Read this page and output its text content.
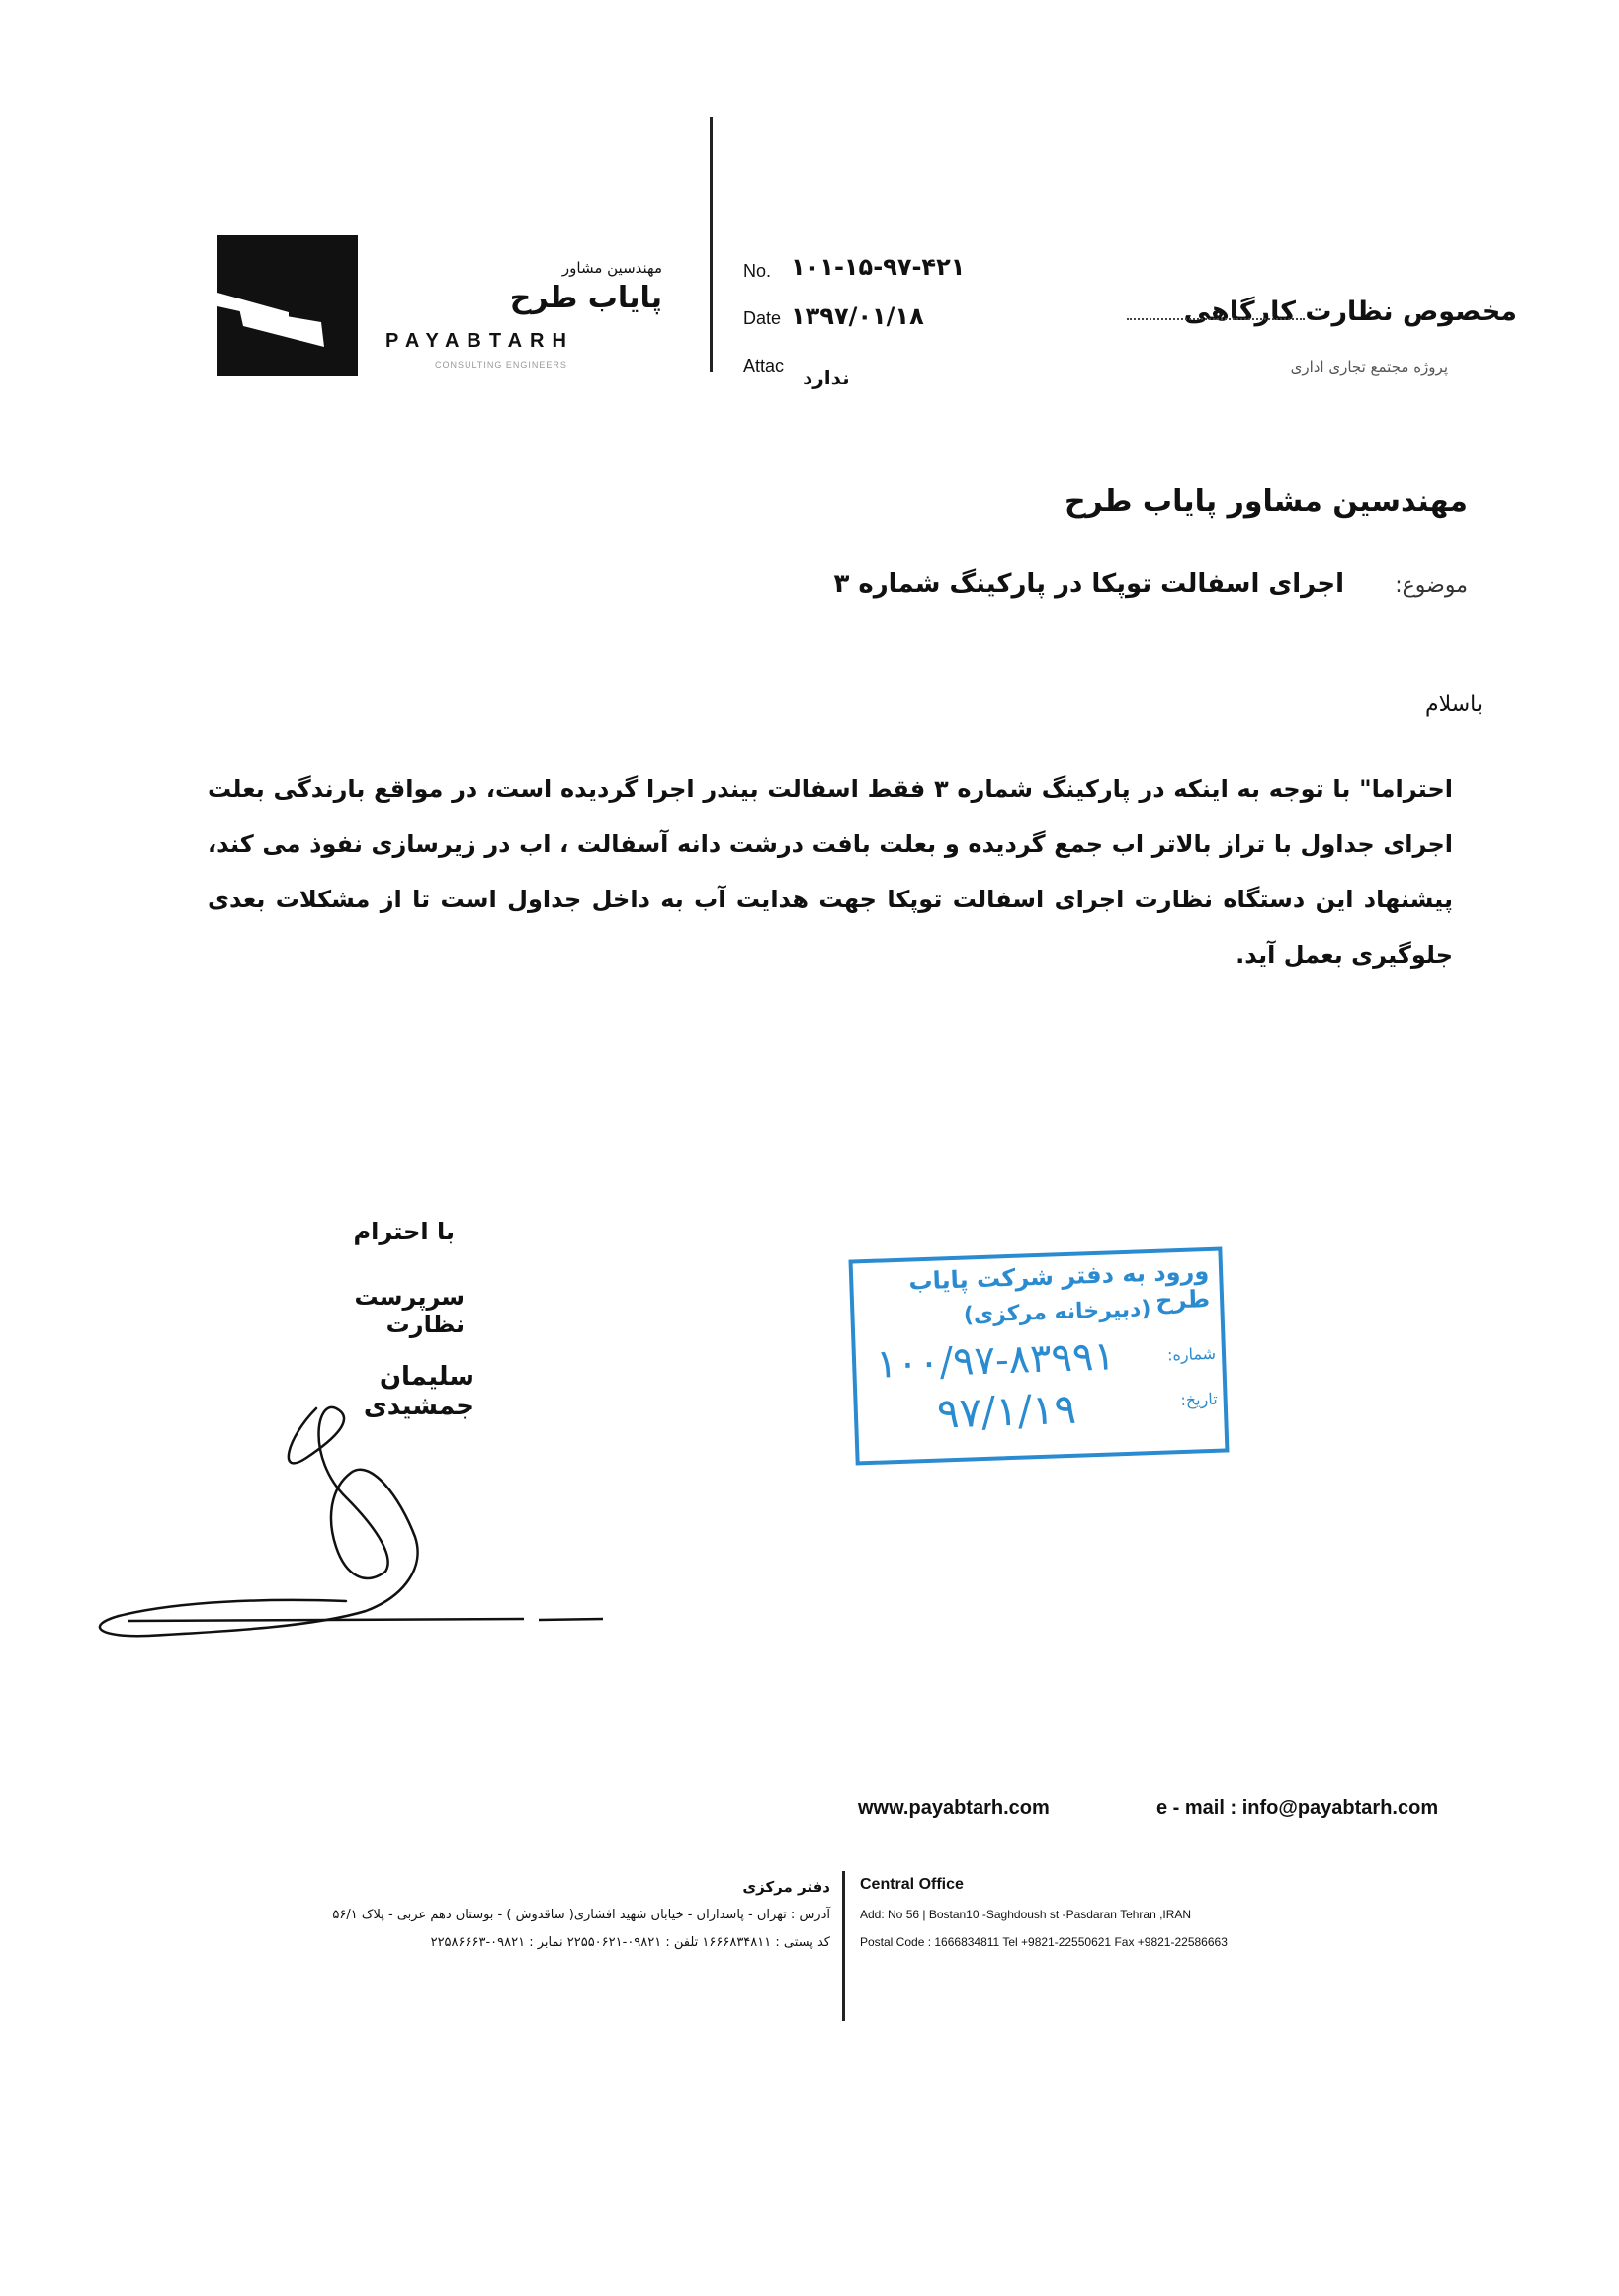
مهندسین مشاور
پایاب طرح
PAYABTARH
CONSULTING ENGINEERS
No. ۱۰۱-۱۵-۹۷-۴۲۱
Date ۱۳۹۷/۰۱/۱۸
Attac ندارد
مخصوص نظارت کارگاهی
پروژه مجتمع تجاری اداری
مهندسین مشاور پایاب طرح
موضوع:
اجرای اسفالت توپکا در پارکینگ شماره ۳
باسلام
احتراما" با توجه به اینکه در پارکینگ شماره ۳ فقط اسفالت بیندر اجرا گردیده است، در مواقع بارندگی بعلت اجرای جداول با تراز بالاتر اب جمع گردیده و بعلت بافت درشت دانه آسفالت ، اب در زیرسازی نفوذ می کند، پیشنهاد این دستگاه نظارت اجرای اسفالت توپکا جهت هدایت آب به داخل جداول است تا از مشکلات بعدی جلوگیری بعمل آید.
با احترام
سرپرست نظارت
سلیمان جمشیدی
ورود به دفتر شرکت پایاب طرح
(دبیرخانه مرکزی)
شماره:
۱۰۰/۹۷-۸۳۹۹۱
تاریخ:
۹۷/۱/۱۹
www.payabtarh.com	e - mail : info@payabtarh.com
Central Office
Add: No 56 | Bostan10 -Saghdoush st -Pasdaran Tehran ,IRAN
Postal Code : 1666834811 Tel +9821-22550621 Fax +9821-22586663
دفتر مرکزی
آدرس : تهران - پاسداران - خیابان شهید افشاری( ساقدوش ) - بوستان دهم عربی - پلاک ۵۶/۱
کد پستی : ۱۶۶۶۸۳۴۸۱۱ تلفن : ۰۹۸۲۱-۲۲۵۵۰۶۲۱ نمابر : ۰۹۸۲۱-۲۲۵۸۶۶۶۳
